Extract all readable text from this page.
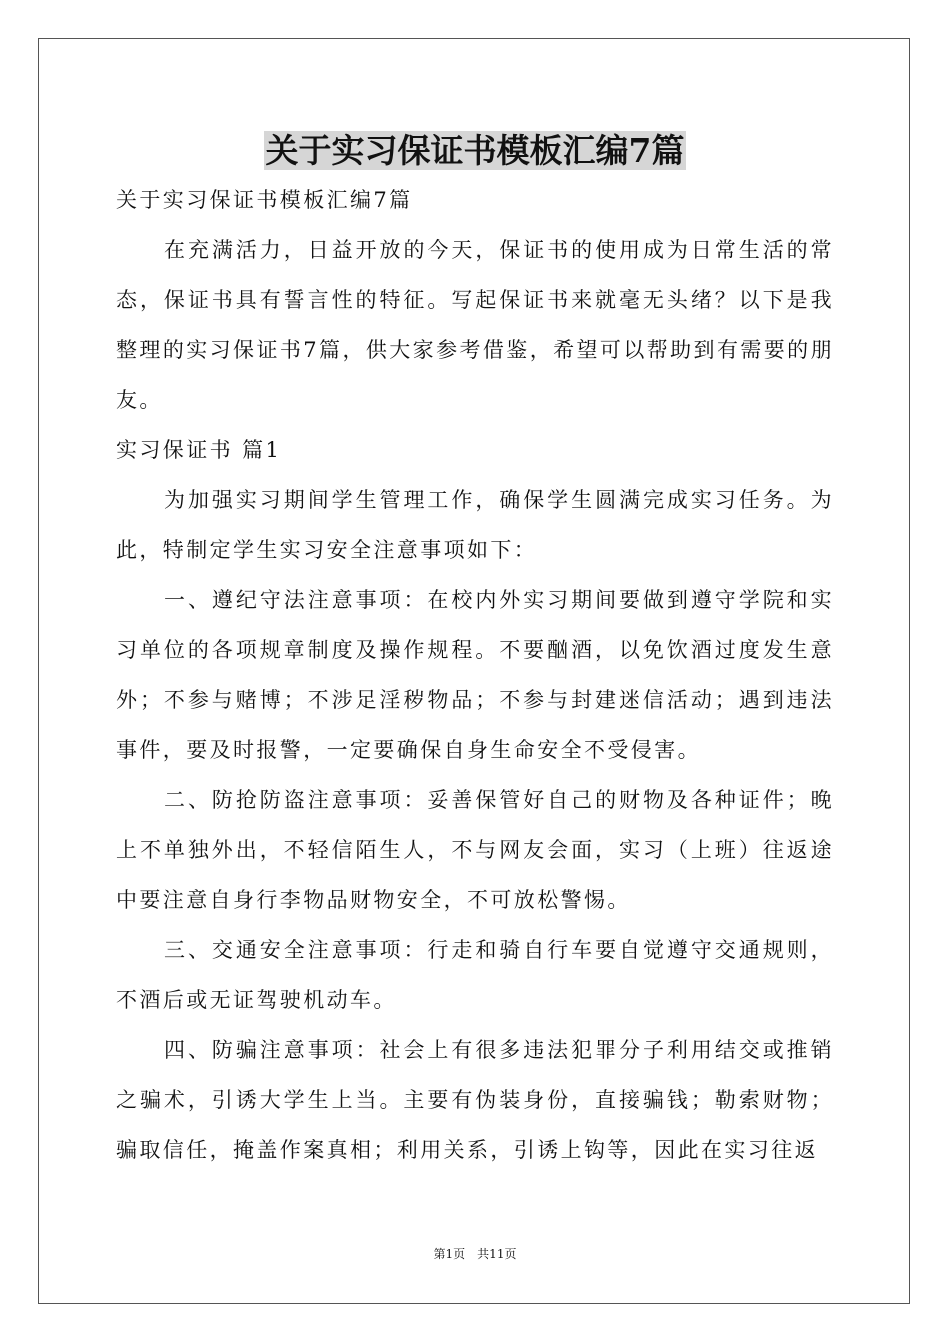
关于实习保证书模板汇编7篇

关于实习保证书模板汇编7篇

在充满活力，日益开放的今天，保证书的使用成为日常生活的常态，保证书具有誓言性的特征。写起保证书来就毫无头绪？以下是我整理的实习保证书7篇，供大家参考借鉴，希望可以帮助到有需要的朋友。

实习保证书 篇1

为加强实习期间学生管理工作，确保学生圆满完成实习任务。为此，特制定学生实习安全注意事项如下：

一、遵纪守法注意事项：在校内外实习期间要做到遵守学院和实习单位的各项规章制度及操作规程。不要酗酒，以免饮酒过度发生意外；不参与赌博；不涉足淫秽物品；不参与封建迷信活动；遇到违法事件，要及时报警，一定要确保自身生命安全不受侵害。

二、防抢防盗注意事项：妥善保管好自己的财物及各种证件；晚上不单独外出，不轻信陌生人，不与网友会面，实习（上班）往返途中要注意自身行李物品财物安全，不可放松警惕。

三、交通安全注意事项：行走和骑自行车要自觉遵守交通规则，不酒后或无证驾驶机动车。

四、防骗注意事项：社会上有很多违法犯罪分子利用结交或推销之骗术，引诱大学生上当。主要有伪装身份，直接骗钱；勒索财物；骗取信任，掩盖作案真相；利用关系，引诱上钩等，因此在实习往返

第1页　共11页
